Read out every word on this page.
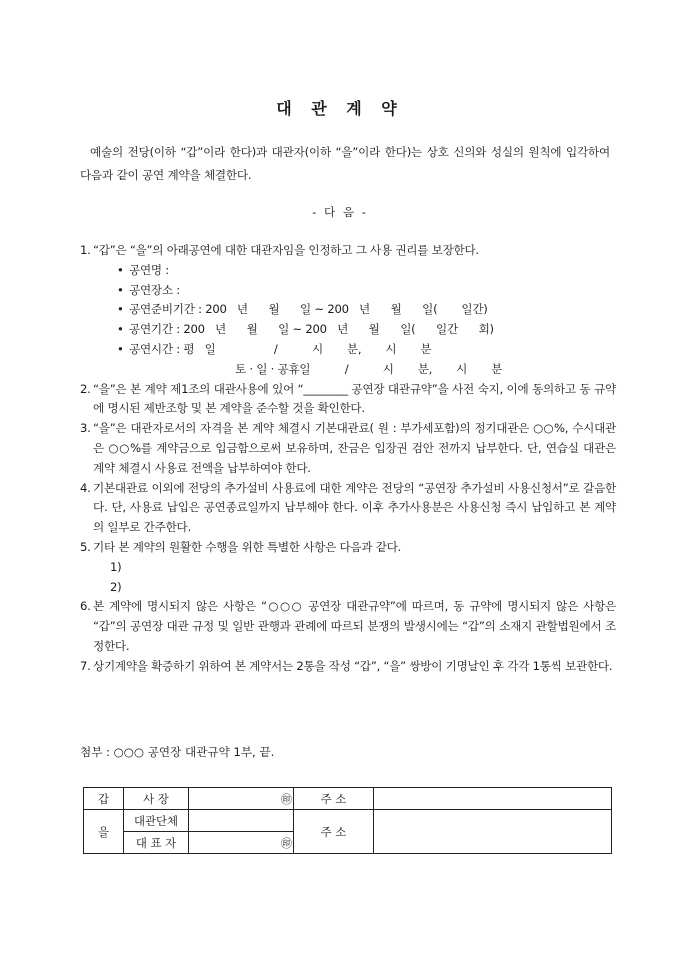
대 관 계 약
예술의 전당(이하 “갑”이라 한다)과 대관자(이하 “을”이라 한다)는 상호 신의와 성실의 원칙에 입각하여 다음과 같이 공연 계약을 체결한다.
- 다 음 -
1. “갑”은 “을”의 아래공연에 대한 대관자임을 인정하고 그 사용 권리를 보장한다.

• 공연명 :
• 공연장소 :
• 공연준비기간 : 200   년      월      일 ~ 200   년      월      일(       일간)
• 공연기간 : 200   년      월      일 ~ 200   년      월      일(      일간      회)
• 공연시간 : 평   일                 /          시       분,       시       분
토 · 일 · 공휴일          /          시       분,       시       분
2. “을”은 본 계약 제1조의 대관사용에 있어 “________ 공연장 대관규약”을 사전 숙지, 이에 동의하고 동 규약에 명시된 제반조항 및 본 계약을 준수할 것을 확인한다.

3. “을”은 대관자로서의 자격을 본 계약 체결시 기본대관료( 원 : 부가세포함)의 정기대관은 ○○%, 수시대관은 ○○%를 계약금으로 입금함으로써 보유하며, 잔금은 입장권 검안 전까지 납부한다. 단, 연습실 대관은 계약 체결시 사용료 전액을 납부하여야 한다.

4. 기본대관료 이외에 전당의 추가설비 사용료에 대한 계약은 전당의 “공연장 추가설비 사용신청서”로 갈음한다. 단, 사용료 납입은 공연종료일까지 납부해야 한다. 이후 추가사용분은 사용신청 즉시 납입하고 본 계약의 일부로 간주한다.

5. 기타 본 계약의 원활한 수행을 위한 특별한 사항은 다음과 같다.

1)
2)
6. 본 계약에 명시되지 않은 사항은 “○○○ 공연장 대관규약”에 따르며, 동 규약에 명시되지 않은 사항은 “갑”의 공연장 대관 규정 및 일반 관행과 관례에 따르되 분쟁의 발생시에는 “갑”의 소재지 관할법원에서 조정한다.

7. 상기계약을 확증하기 위하여 본 계약서는 2통을 작성 “갑”, “을” 쌍방이 기명날인 후 각각 1통씩 보관한다.

첨부 : ○○○ 공연장 대관규약 1부, 끝.
갑	사 장	㊞	주 소	
을	대관단체		주 소	
	대 표 자	㊞		
